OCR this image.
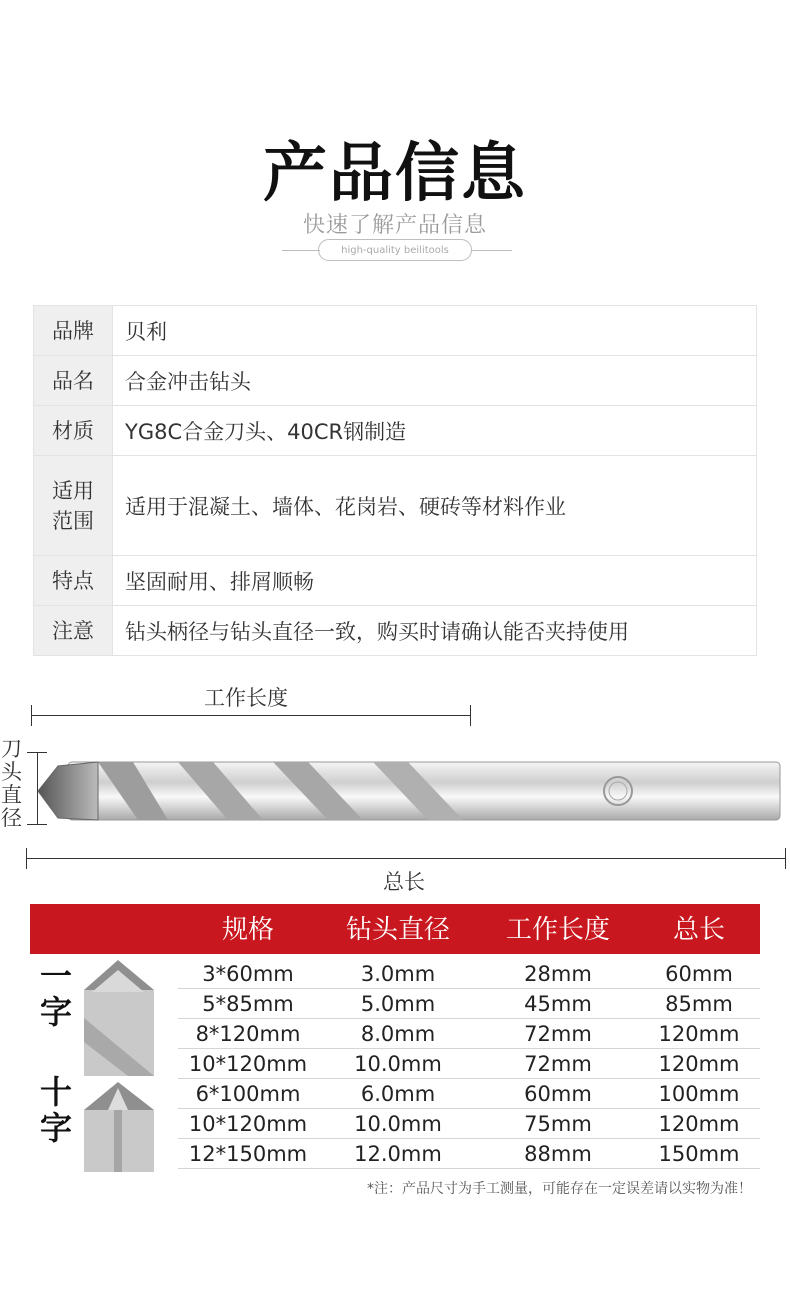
产品信息
快速了解产品信息
high-quality beilitools
品牌	贝利
品名	合金冲击钻头
材质	YG8C合金刀头、40CR钢制造
适用
范围	适用于混凝土、墙体、花岗岩、硬砖等材料作业
特点	坚固耐用、排屑顺畅
注意	钻头柄径与钻头直径一致，购买时请确认能否夹持使用
工作长度
刀
头
直
径
总长
规格	钻头直径	工作长度	总长
一
字
十
字
3*60mm	3.0mm	28mm	60mm
5*85mm	5.0mm	45mm	85mm
8*120mm	8.0mm	72mm	120mm
10*120mm	10.0mm	72mm	120mm
6*100mm	6.0mm	60mm	100mm
10*120mm	10.0mm	75mm	120mm
12*150mm	12.0mm	88mm	150mm
*注：产品尺寸为手工测量，可能存在一定误差请以实物为准！
